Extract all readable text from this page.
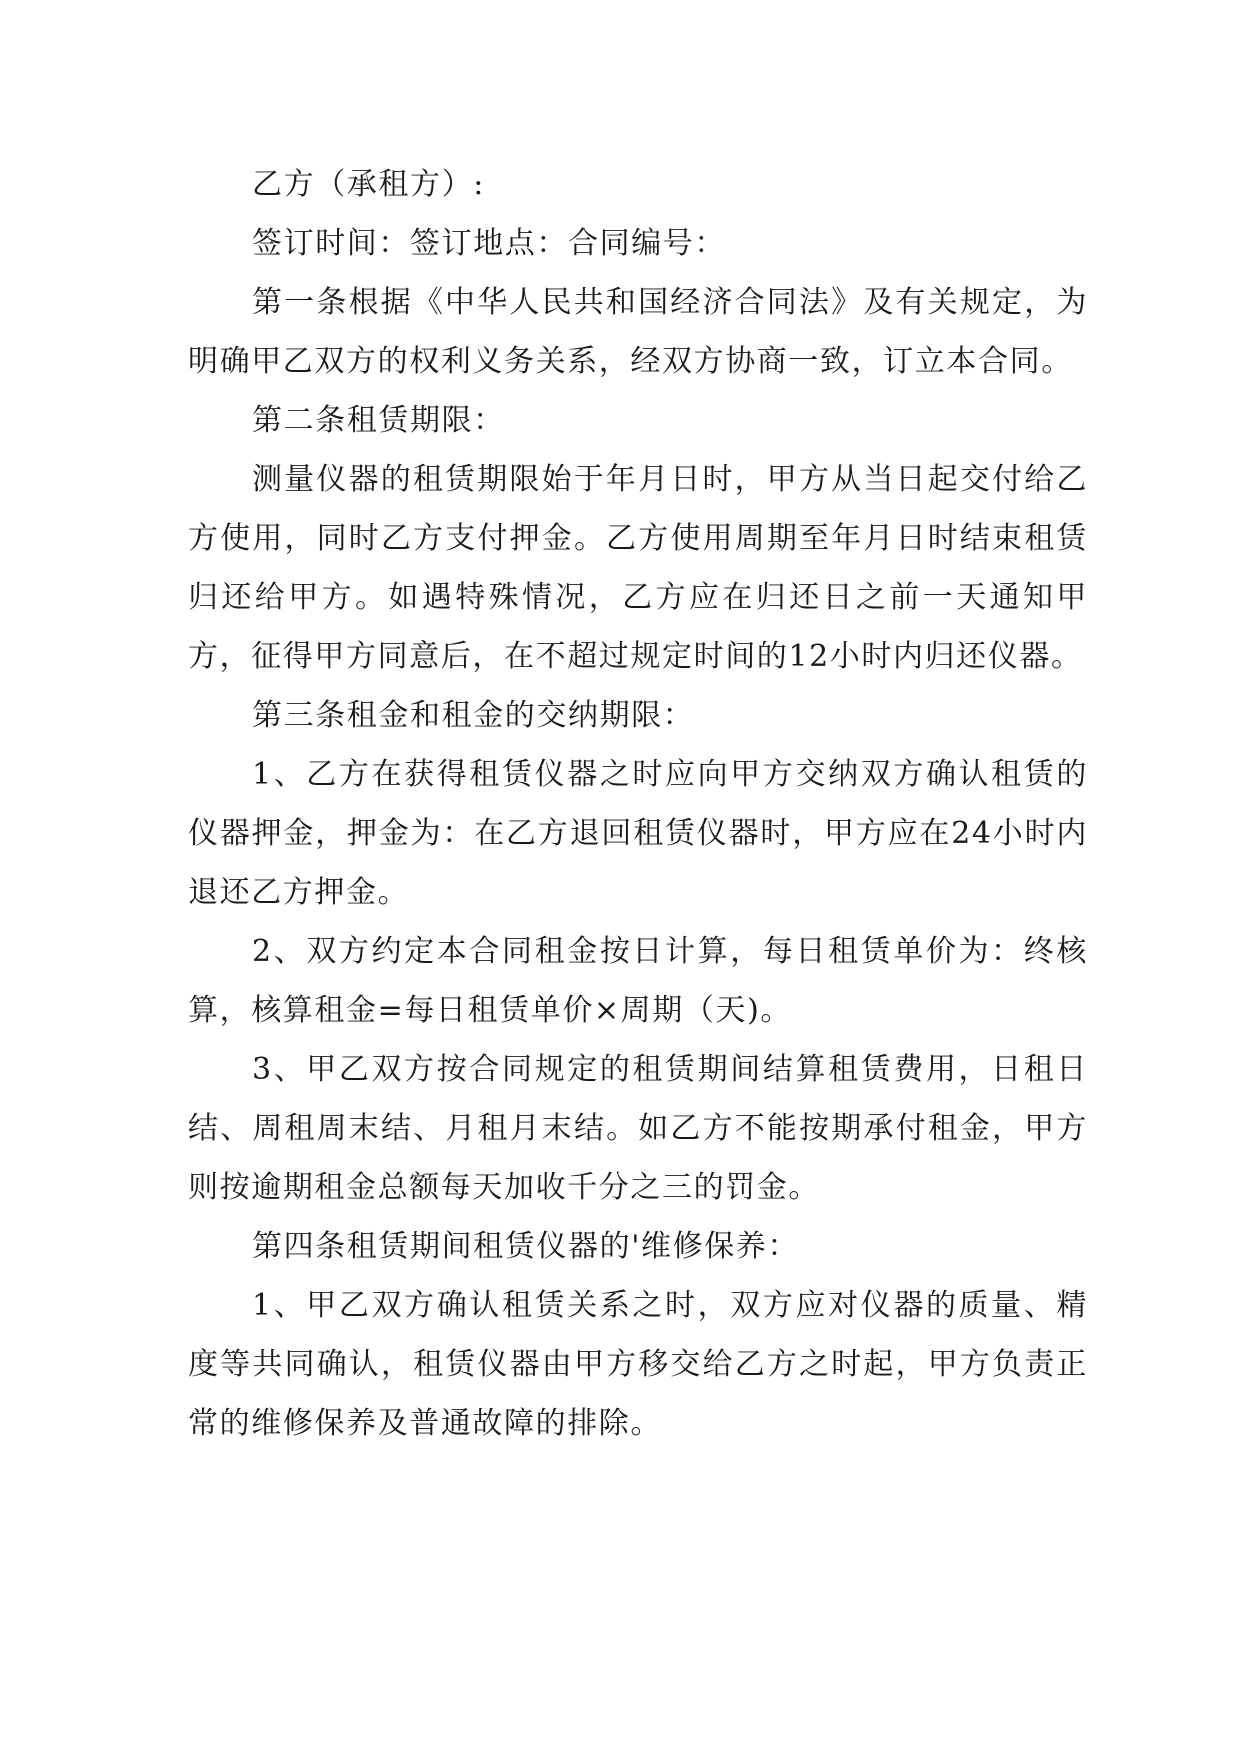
乙方（承租方）:

签订时间：签订地点：合同编号：

第一条根据《中华人民共和国经济合同法》及有关规定，为明确甲乙双方的权利义务关系，经双方协商一致，订立本合同。

第二条租赁期限：

测量仪器的租赁期限始于年月日时，甲方从当日起交付给乙方使用，同时乙方支付押金。乙方使用周期至年月日时结束租赁归还给甲方。如遇特殊情况，乙方应在归还日之前一天通知甲方，征得甲方同意后，在不超过规定时间的12小时内归还仪器。

第三条租金和租金的交纳期限：

1、乙方在获得租赁仪器之时应向甲方交纳双方确认租赁的仪器押金，押金为：在乙方退回租赁仪器时，甲方应在24小时内退还乙方押金。

2、双方约定本合同租金按日计算，每日租赁单价为：终核算，核算租金=每日租赁单价×周期（天)。

3、甲乙双方按合同规定的租赁期间结算租赁费用，日租日结、周租周末结、月租月末结。如乙方不能按期承付租金，甲方则按逾期租金总额每天加收千分之三的罚金。

第四条租赁期间租赁仪器的'维修保养：

1、甲乙双方确认租赁关系之时，双方应对仪器的质量、精度等共同确认，租赁仪器由甲方移交给乙方之时起，甲方负责正常的维修保养及普通故障的排除。
